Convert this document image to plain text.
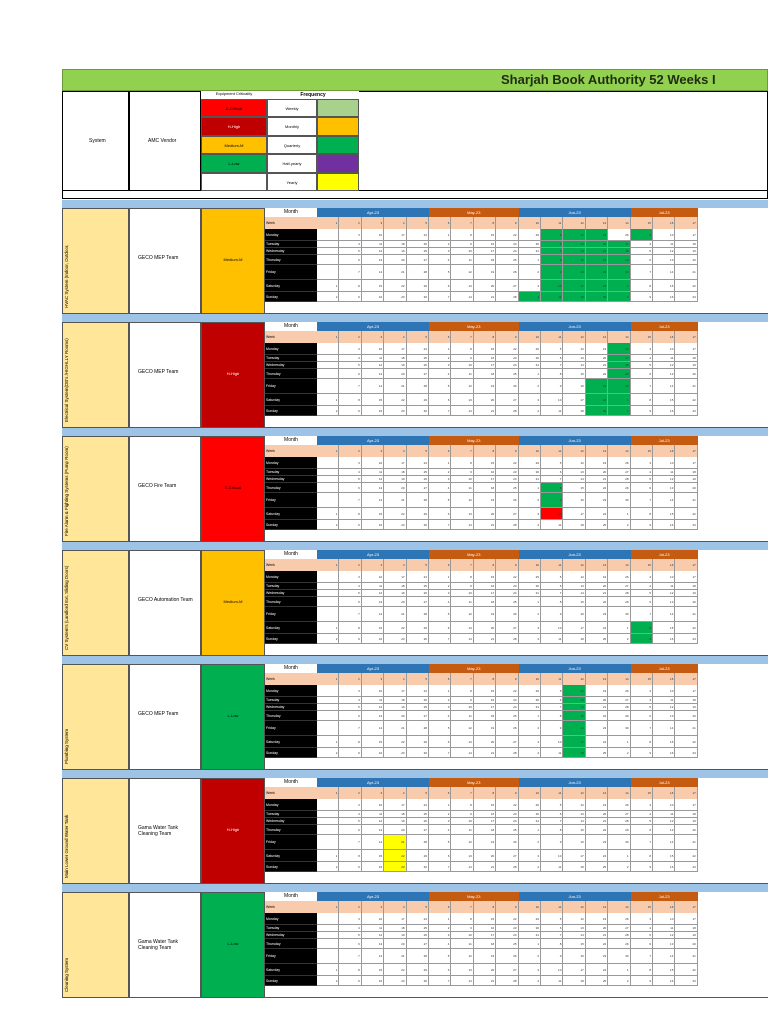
Sharjah Book Authority 52 Weeks I
System	AMC Vendor
Equipment Criticality	Frequency
C-Critical
H-High
Medium-M
L-Low
Weekly
Monthly
Quarterly
Half-yearly
Yearly
HVAC System (Indoor, Outdoor,	GECO MEP Team	Medium-M
Month	Apr-23	May-23	Jun-23	Jul-23
Week	1	2	3	4	5	6	7	8	9	10	11	12	13	14	15	16	17
Monday	3	10	17	24	1	8	15	22	29	5	12	19	26	3	10	17
Tuesday	4	11	18	25	2	9	16	23	30	6	13	20	27	4	11	18
Wednesday	5	12	19	26	3	10	17	24	31	7	14	21	28	5	12	19
Thursday	6	13	20	27	4	11	18	25	1	8	15	22	29	6	13	20
Friday	7	14	21	28	5	12	19	26	2	9	16	23	30	7	14	21
Saturday	1	8	15	22	29	6	13	20	27	3	10	17	24	1	8	15	22
Sunday	2	9	16	23	30	7	14	21	28	4	11	18	25	2	9	16	23
Electrical System(DB's /HIGHLLY Rooms)	GECO MEP Team	H-High
Month	Apr-23	May-23	Jun-23	Jul-23
Week	1	2	3	4	5	6	7	8	9	10	11	12	13	14	15	16	17
Monday	3	10	17	24	1	8	15	22	29	5	12	19	26	3	10	17
Tuesday	4	11	18	25	2	9	16	23	30	6	13	20	27	4	11	18
Wednesday	5	12	19	26	3	10	17	24	31	7	14	21	28	5	12	19
Thursday	6	13	20	27	4	11	18	25	1	8	15	22	29	6	13	20
Friday	7	14	21	28	5	12	19	26	2	9	16	23	30	7	14	21
Saturday	1	8	15	22	29	6	13	20	27	3	10	17	24	1	8	15	22
Sunday	2	9	16	23	30	7	14	21	28	4	11	18	25	2	9	16	23
Fire Alarm & Fighting Systems (Pump Room)	GECO Fire Team	C-Critical
Month	Apr-23	May-23	Jun-23	Jul-23
Week	1	2	3	4	5	6	7	8	9	10	11	12	13	14	15	16	17
Monday	3	10	17	24	1	8	15	22	29	5	12	19	26	3	10	17
Tuesday	4	11	18	25	2	9	16	23	30	6	13	20	27	4	11	18
Wednesday	5	12	19	26	3	10	17	24	31	7	14	21	28	5	12	19
Thursday	6	13	20	27	4	11	18	25	1	8	15	22	29	6	13	20
Friday	7	14	21	28	5	12	19	26	2	9	16	23	30	7	14	21
Saturday	1	8	15	22	29	6	13	20	27	3	10	17	24	1	8	15	22
Sunday	2	9	16	23	30	7	14	21	28	4	11	18	25	2	9	16	23
CV System's (Landlord Ext, Sliding Doors)	GECO Automation Team	Medium-M
Month	Apr-23	May-23	Jun-23	Jul-23
Week	1	2	3	4	5	6	7	8	9	10	11	12	13	14	15	16	17
Monday	3	10	17	24	1	8	15	22	29	5	12	19	26	3	10	17
Tuesday	4	11	18	25	2	9	16	23	30	6	13	20	27	4	11	18
Wednesday	5	12	19	26	3	10	17	24	31	7	14	21	28	5	12	19
Thursday	6	13	20	27	4	11	18	25	1	8	15	22	29	6	13	20
Friday	7	14	21	28	5	12	19	26	2	9	16	23	30	7	14	21
Saturday	1	8	15	22	29	6	13	20	27	3	10	17	24	1	8	15	22
Sunday	2	9	16	23	30	7	14	21	28	4	11	18	25	2	9	16	23
Plumbing System
GECO MEP Team	L-Low
Month	Apr-23	May-23	Jun-23	Jul-23
Week	1	2	3	4	5	6	7	8	9	10	11	12	13	14	15	16	17
Monday	3	10	17	24	1	8	15	22	29	5	12	19	26	3	10	17
Tuesday	4	11	18	25	2	9	16	23	30	6	13	20	27	4	11	18
Wednesday	5	12	19	26	3	10	17	24	31	7	14	21	28	5	12	19
Thursday	6	13	20	27	4	11	18	25	1	8	15	22	29	6	13	20
Friday	7	14	21	28	5	12	19	26	2	9	16	23	30	7	14	21
Saturday	1	8	15	22	29	6	13	20	27	3	10	17	24	1	8	15	22
Sunday	2	9	16	23	30	7	14	21	28	4	11	18	25	2	9	16	23
Main Lower Ground Water Tank	Gama Water Tank Cleaning Team
H-High
Month	Apr-23	May-23	Jun-23	Jul-23
Week	1	2	3	4	5	6	7	8	9	10	11	12	13	14	15	16	17
Monday	3	10	17	24	1	8	15	22	29	5	12	19	26	3	10	17
Tuesday	4	11	18	25	2	9	16	23	30	6	13	20	27	4	11	18
Wednesday	5	12	19	26	3	10	17	24	31	7	14	21	28	5	12	19
Thursday	6	13	20	27	4	11	18	25	1	8	15	22	29	6	13	20
Friday	7	14	21	28	5	12	19	26	2	9	16	23	30	7	14	21
Saturday	1	8	15	22	29	6	13	20	27	3	10	17	24	1	8	15	22
Sunday	2	9	16	23	30	7	14	21	28	4	11	18	25	2	9	16	23
Cleaning System
Gama Water Tank Cleaning Team
L-Low
Month	Apr-23	May-23	Jun-23	Jul-23
Week	1	2	3	4	5	6	7	8	9	10	11	12	13	14	15	16	17
Monday	3	10	17	24	1	8	15	22	29	5	12	19	26	3	10	17
Tuesday	4	11	18	25	2	9	16	23	30	6	13	20	27	4	11	18
Wednesday	5	12	19	26	3	10	17	24	31	7	14	21	28	5	12	19
Thursday	6	13	20	27	4	11	18	25	1	8	15	22	29	6	13	20
Friday	7	14	21	28	5	12	19	26	2	9	16	23	30	7	14	21
Saturday	1	8	15	22	29	6	13	20	27	3	10	17	24	1	8	15	22
Sunday	2	9	16	23	30	7	14	21	28	4	11	18	25	2	9	16	23
